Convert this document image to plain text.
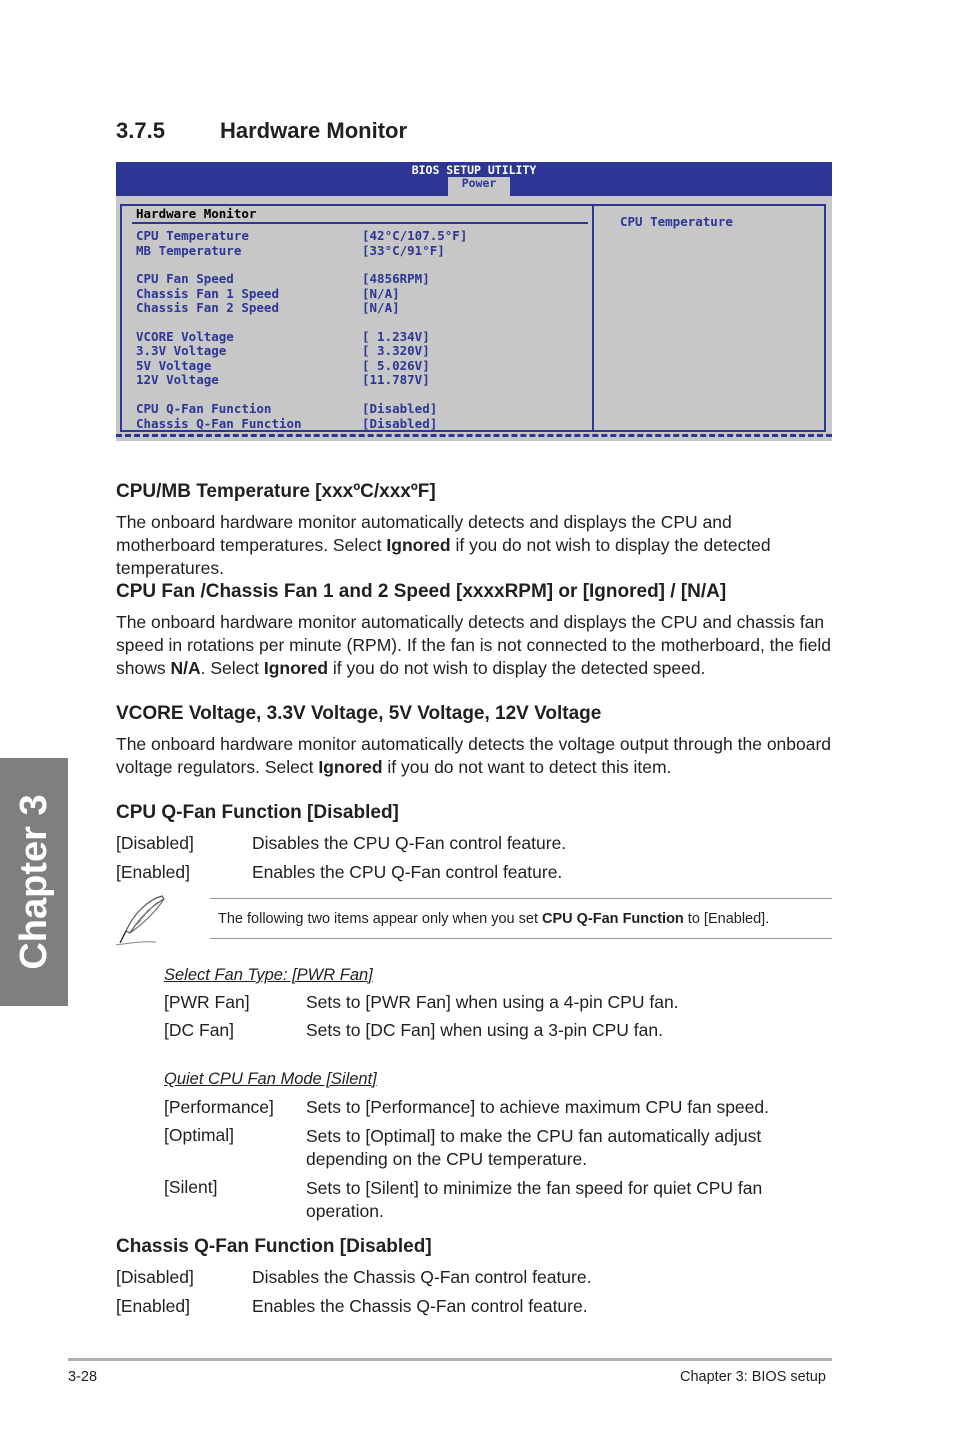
3.7.5	Hardware Monitor
BIOS SETUP UTILITY
Power
Hardware Monitor
CPU Temperature	[42°C/107.5°F]
MB Temperature	[33°C/91°F]
CPU Fan Speed	[4856RPM]
Chassis Fan 1 Speed	[N/A]
Chassis Fan 2 Speed	[N/A]
VCORE Voltage	[ 1.234V]
3.3V Voltage	[ 3.320V]
5V Voltage	[ 5.026V]
12V Voltage	[11.787V]
CPU Q-Fan Function	[Disabled]
Chassis Q-Fan Function	[Disabled]
CPU Temperature
CPU/MB Temperature [xxxºC/xxxºF]

The onboard hardware monitor automatically detects and displays the CPU and motherboard temperatures. Select Ignored if you do not wish to display the detected temperatures.

CPU Fan /Chassis Fan 1 and 2 Speed [xxxxRPM] or [Ignored] / [N/A]

The onboard hardware monitor automatically detects and displays the CPU and chassis fan speed in rotations per minute (RPM). If the fan is not connected to the motherboard, the field shows N/A. Select Ignored if you do not wish to display the detected speed.

VCORE Voltage, 3.3V Voltage, 5V Voltage, 12V Voltage

The onboard hardware monitor automatically detects the voltage output through the onboard voltage regulators. Select Ignored if you do not want to detect this item.

CPU Q-Fan Function [Disabled]
[Disabled]	Disables the CPU Q-Fan control feature.
[Enabled]	Enables the CPU Q-Fan control feature.
The following two items appear only when you set CPU Q-Fan Function to [Enabled].
Select Fan Type: [PWR Fan]
[PWR Fan]	Sets to [PWR Fan] when using a 4-pin CPU fan.
[DC Fan]	Sets to [DC Fan] when using a 3-pin CPU fan.
Quiet CPU Fan Mode [Silent]
[Performance] Sets to [Performance] to achieve maximum CPU fan speed.
[Optimal]	Sets to [Optimal] to make the CPU fan automatically adjust depending on the CPU temperature.
[Silent]	Sets to [Silent] to minimize the fan speed for quiet CPU fan operation.
Chassis Q-Fan Function [Disabled]
[Disabled]	Disables the Chassis Q-Fan control feature.
[Enabled]	Enables the Chassis Q-Fan control feature.
Chapter 3
3-28	Chapter 3: BIOS setup
